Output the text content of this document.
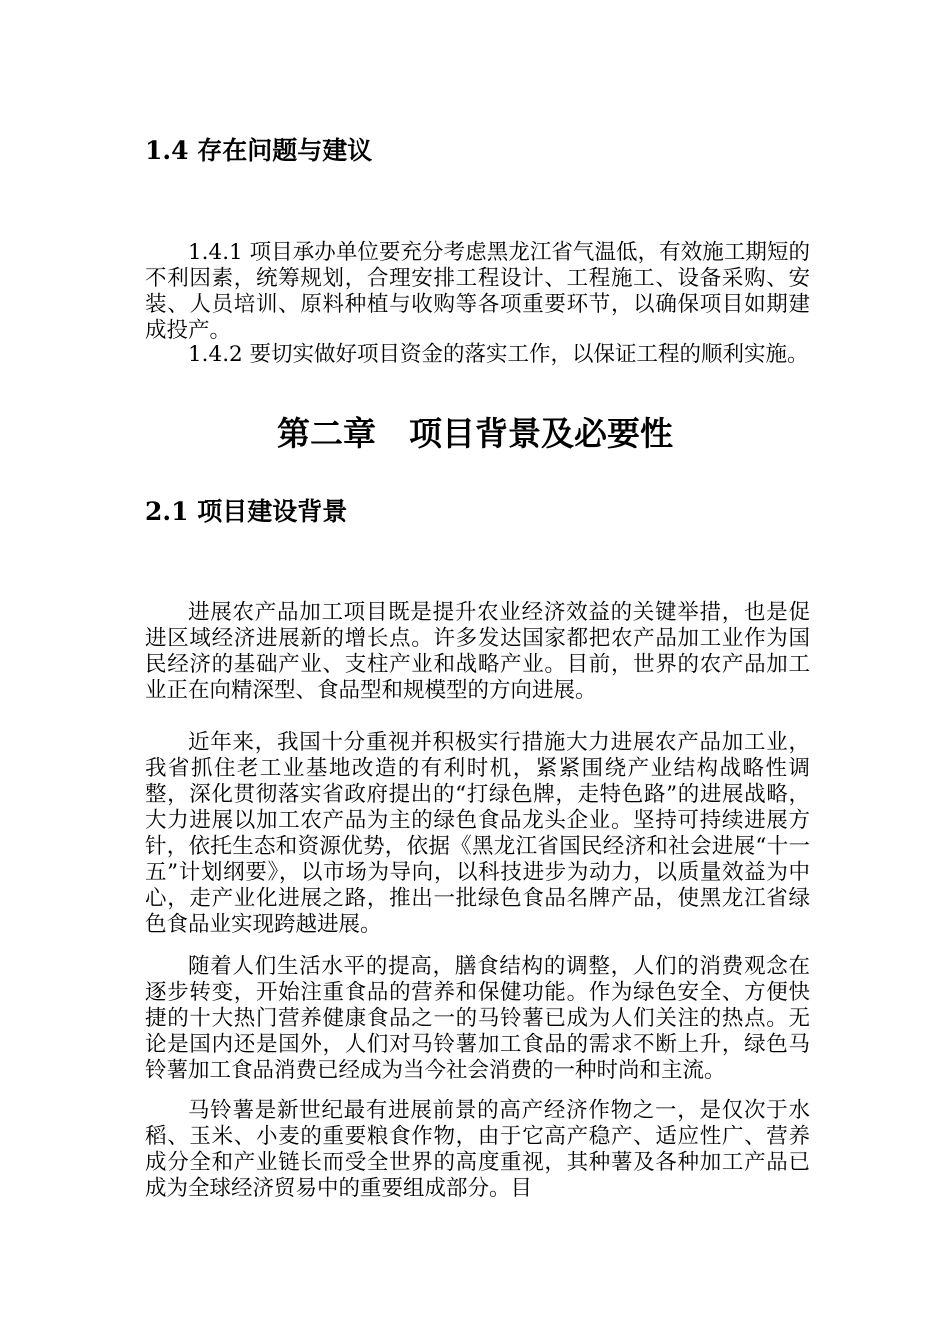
1.4 存在问题与建议

1.4.1 项目承办单位要充分考虑黑龙江省气温低，有效施工期短的不利因素，统筹规划，合理安排工程设计、工程施工、设备采购、安装、人员培训、原料种植与收购等各项重要环节，以确保项目如期建成投产。

1.4.2 要切实做好项目资金的落实工作，以保证工程的顺利实施。

第二章　项目背景及必要性
2.1 项目建设背景

进展农产品加工项目既是提升农业经济效益的关键举措，也是促进区域经济进展新的增长点。许多发达国家都把农产品加工业作为国民经济的基础产业、支柱产业和战略产业。目前，世界的农产品加工业正在向精深型、食品型和规模型的方向进展。

近年来，我国十分重视并积极实行措施大力进展农产品加工业，我省抓住老工业基地改造的有利时机，紧紧围绕产业结构战略性调整，深化贯彻落实省政府提出的“打绿色牌，走特色路”的进展战略，大力进展以加工农产品为主的绿色食品龙头企业。坚持可持续进展方针，依托生态和资源优势，依据《黑龙江省国民经济和社会进展“十一五”计划纲要》，以市场为导向，以科技进步为动力，以质量效益为中心，走产业化进展之路，推出一批绿色食品名牌产品，使黑龙江省绿色食品业实现跨越进展。

随着人们生活水平的提高，膳食结构的调整，人们的消费观念在逐步转变，开始注重食品的营养和保健功能。作为绿色安全、方便快捷的十大热门营养健康食品之一的马铃薯已成为人们关注的热点。无论是国内还是国外，人们对马铃薯加工食品的需求不断上升，绿色马铃薯加工食品消费已经成为当今社会消费的一种时尚和主流。

马铃薯是新世纪最有进展前景的高产经济作物之一，是仅次于水稻、玉米、小麦的重要粮食作物，由于它高产稳产、适应性广、营养成分全和产业链长而受全世界的高度重视，其种薯及各种加工产品已成为全球经济贸易中的重要组成部分。目
